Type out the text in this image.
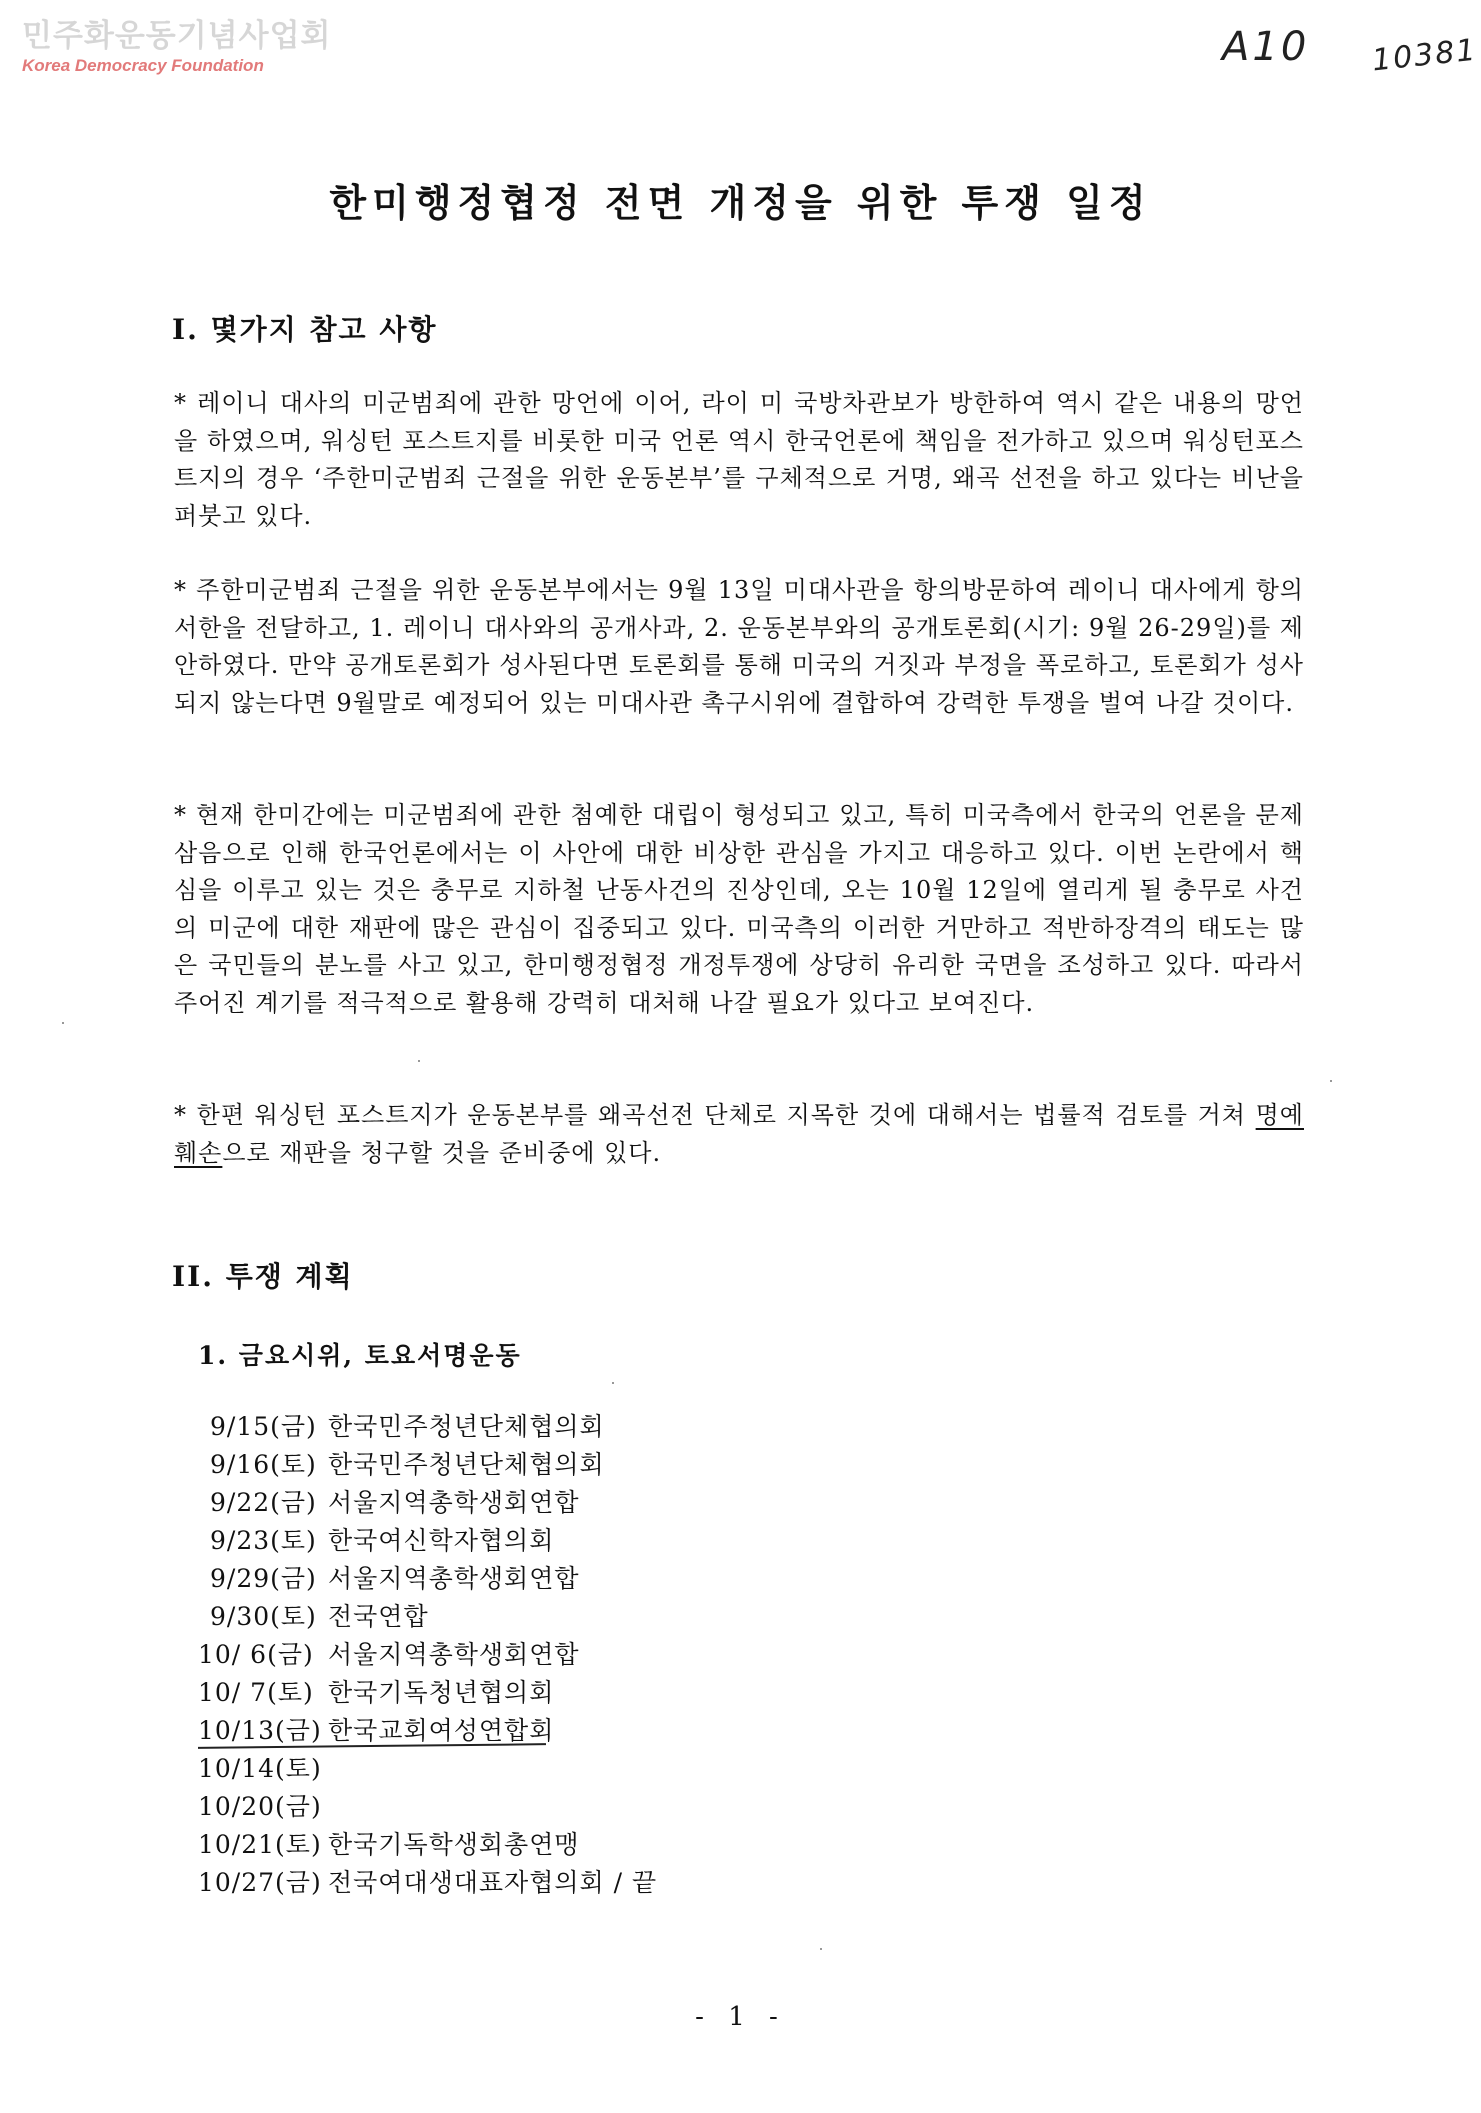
민주화운동기념사업회
Korea Democracy Foundation	A10 10381
한미행정협정 전면 개정을 위한 투쟁 일정
I. 몇가지 참고 사항

* 레이니 대사의 미군범죄에 관한 망언에 이어, 라이 미 국방차관보가 방한하여 역시 같은 내용의 망언을 하였으며, 워싱턴 포스트지를 비롯한 미국 언론 역시 한국언론에 책임을 전가하고 있으며 워싱턴포스트지의 경우 ‘주한미군범죄 근절을 위한 운동본부’를 구체적으로 거명, 왜곡 선전을 하고 있다는 비난을 퍼붓고 있다.

* 주한미군범죄 근절을 위한 운동본부에서는 9월 13일 미대사관을 항의방문하여 레이니 대사에게 항의서한을 전달하고, 1. 레이니 대사와의 공개사과, 2. 운동본부와의 공개토론회(시기: 9월 26-29일)를 제안하였다. 만약 공개토론회가 성사된다면 토론회를 통해 미국의 거짓과 부정을 폭로하고, 토론회가 성사되지 않는다면 9월말로 예정되어 있는 미대사관 촉구시위에 결합하여 강력한 투쟁을 벌여 나갈 것이다.

* 현재 한미간에는 미군범죄에 관한 첨예한 대립이 형성되고 있고, 특히 미국측에서 한국의 언론을 문제삼음으로 인해 한국언론에서는 이 사안에 대한 비상한 관심을 가지고 대응하고 있다. 이번 논란에서 핵심을 이루고 있는 것은 충무로 지하철 난동사건의 진상인데, 오는 10월 12일에 열리게 될 충무로 사건의 미군에 대한 재판에 많은 관심이 집중되고 있다. 미국측의 이러한 거만하고 적반하장격의 태도는 많은 국민들의 분노를 사고 있고, 한미행정협정 개정투쟁에 상당히 유리한 국면을 조성하고 있다. 따라서 주어진 계기를 적극적으로 활용해 강력히 대처해 나갈 필요가 있다고 보여진다.

* 한편 워싱턴 포스트지가 운동본부를 왜곡선전 단체로 지목한 것에 대해서는 법률적 검토를 거쳐 명예훼손으로 재판을 청구할 것을 준비중에 있다.

II. 투쟁 계획
1. 금요시위, 토요서명운동
9/15(금) 한국민주청년단체협의회
9/16(토) 한국민주청년단체협의회
9/22(금) 서울지역총학생회연합
9/23(토) 한국여신학자협의회
9/29(금) 서울지역총학생회연합
9/30(토) 전국연합
10/ 6(금) 서울지역총학생회연합
10/ 7(토) 한국기독청년협의회
10/13(금) 한국교회여성연합회
10/14(토)
10/20(금)
10/21(토) 한국기독학생회총연맹
10/27(금) 전국여대생대표자협의회 / 끝
- 1 -
